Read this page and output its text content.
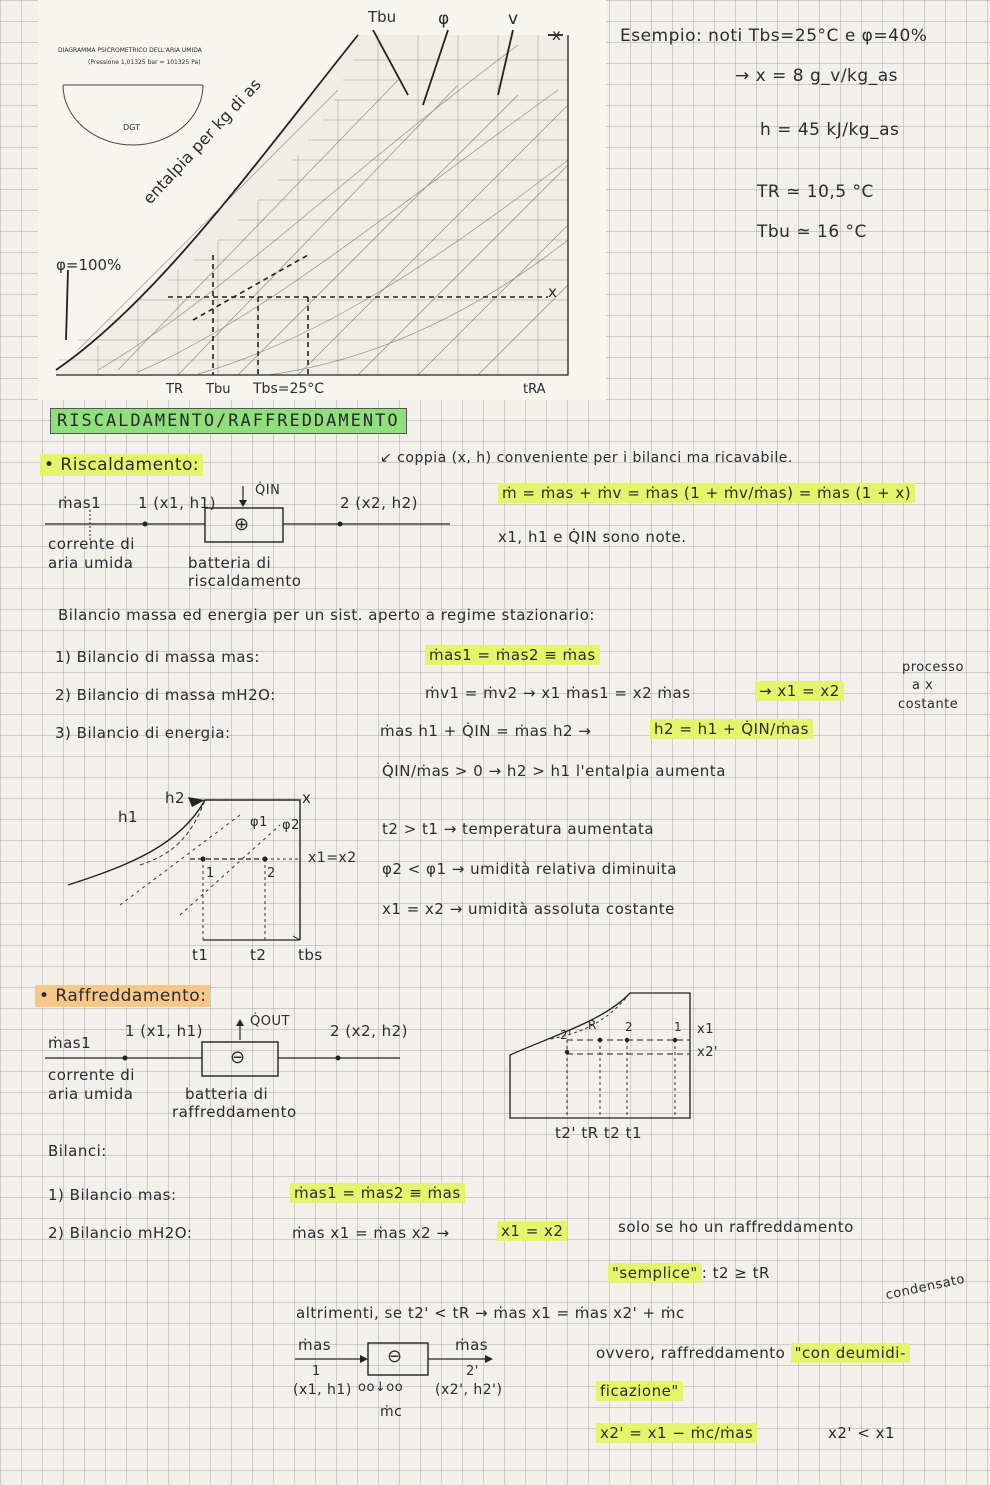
DGT
DIAGRAMMA PSICROMETRICO DELL'ARIA UMIDA
(Pressione 1,01325 bar = 101325 Pa)
entalpia per kg di as
φ=100%
Tbu φ	v
x
x
TR Tbu Tbs=25°C	tRA
Esempio: noti Tbs=25°C e φ=40%
→ x = 8 g_v/kg_as
h = 45 kJ/kg_as
TR ≃ 10,5 °C
Tbu ≃ 16 °C
RISCALDAMENTO/RAFFREDDAMENTO
• Riscaldamento:	↙ coppia (x, h) conveniente per i bilanci ma ricavabile.
ṁas1 1 (x1, h1)
Q̇IN
⊕
2 (x2, h2)
corrente di
aria umida	batteria di
riscaldamento
ṁ = ṁas + ṁv = ṁas (1 + ṁv/ṁas) = ṁas (1 + x)
x1, h1 e Q̇IN sono note.
Bilancio massa ed energia per un sist. aperto a regime stazionario:
1) Bilancio di massa mas:	ṁas1 = ṁas2 ≡ ṁas
2) Bilancio di massa mH2O:	ṁv1 = ṁv2 → x1 ṁas1 = x2 ṁas	→ x1 = x2
processo
a x
costante
3) Bilancio di energia:	ṁas h1 + Q̇IN = ṁas h2 →	h2 = h1 + Q̇IN/ṁas
Q̇IN/ṁas > 0 → h2 > h1 l'entalpia aumenta
h1
h2	x
φ1 φ2
x1=x2
1	2
t1	t2 tbs
t2 > t1 → temperatura aumentata
φ2 < φ1 → umidità relativa diminuita
x1 = x2 → umidità assoluta costante
• Raffreddamento:
ṁas1
1 (x1, h1)
Q̇OUT
⊖
2 (x2, h2)
corrente di
aria umida	batteria di
raffreddamento
2'
R 2	1 x1
x2'
t2' tR t2 t1
Bilanci:
1) Bilancio mas:	ṁas1 = ṁas2 ≡ ṁas
2) Bilancio mH2O:	ṁas x1 = ṁas x2 →	x1 = x2	solo se ho un raffreddamento
"semplice" : t2 ≥ tR
altrimenti, se t2' < tR → ṁas x1 = ṁas x2' + ṁc
condensato
ṁas	ṁas
⊖
1	2'
(x1, h1) oo↓oo (x2', h2')
ṁc
ovvero, raffreddamento "con deumidi-
ficazione"
x2' = x1 − ṁc/ṁas	x2' < x1
